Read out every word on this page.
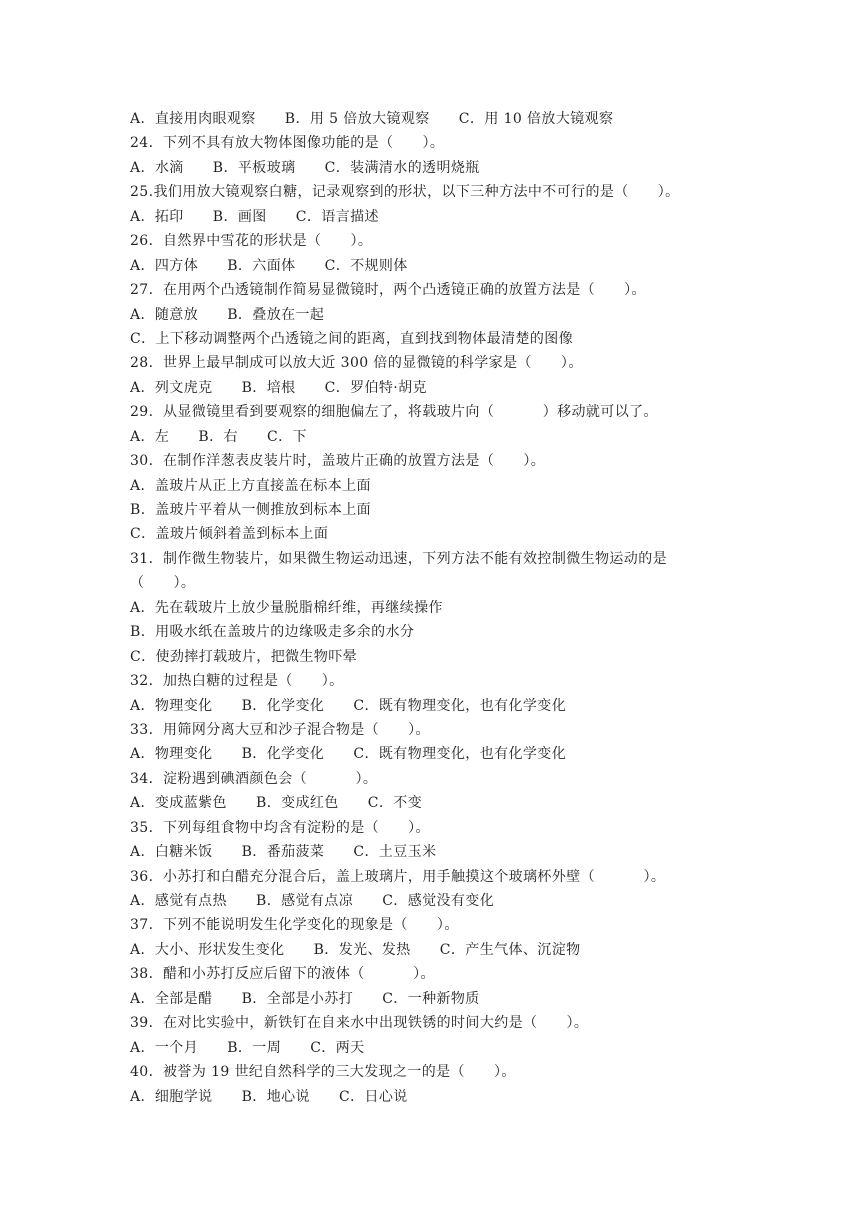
A．直接用肉眼观察      B．用 5 倍放大镜观察      C．用 10 倍放大镜观察
24．下列不具有放大物体图像功能的是（      ）。
A．水滴      B．平板玻璃      C．装满清水的透明烧瓶
25.我们用放大镜观察白糖，记录观察到的形状，以下三种方法中不可行的是（      ）。
A．拓印      B．画图      C．语言描述
26．自然界中雪花的形状是（      ）。
A．四方体      B．六面体      C．不规则体
27．在用两个凸透镜制作简易显微镜时，两个凸透镜正确的放置方法是（      ）。
A．随意放      B．叠放在一起
C．上下移动调整两个凸透镜之间的距离，直到找到物体最清楚的图像
28．世界上最早制成可以放大近 300 倍的显微镜的科学家是（      ）。
A．列文虎克      B．培根      C．罗伯特·胡克
29．从显微镜里看到要观察的细胞偏左了，将载玻片向（          ）移动就可以了。
A．左      B．右      C．下
30．在制作洋葱表皮装片时，盖玻片正确的放置方法是（      ）。
A．盖玻片从正上方直接盖在标本上面
B．盖玻片平着从一侧推放到标本上面
C．盖玻片倾斜着盖到标本上面
31．制作微生物装片，如果微生物运动迅速，下列方法不能有效控制微生物运动的是
（      ）。
A．先在载玻片上放少量脱脂棉纤维，再继续操作
B．用吸水纸在盖玻片的边缘吸走多余的水分
C．使劲摔打载玻片，把微生物吓晕
32．加热白糖的过程是（      ）。
A．物理变化      B．化学变化      C．既有物理变化，也有化学变化
33．用筛网分离大豆和沙子混合物是（      ）。
A．物理变化      B．化学变化      C．既有物理变化，也有化学变化
34．淀粉遇到碘酒颜色会（          ）。
A．变成蓝紫色      B．变成红色      C．不变
35．下列每组食物中均含有淀粉的是（      ）。
A．白糖米饭      B．番茄菠菜      C．土豆玉米
36．小苏打和白醋充分混合后，盖上玻璃片，用手触摸这个玻璃杯外壁（          ）。
A．感觉有点热      B．感觉有点凉      C．感觉没有变化
37．下列不能说明发生化学变化的现象是（      ）。
A．大小、形状发生变化      B．发光、发热      C．产生气体、沉淀物
38．醋和小苏打反应后留下的液体（          ）。
A．全部是醋      B．全部是小苏打      C．一种新物质
39．在对比实验中，新铁钉在自来水中出现铁锈的时间大约是（      ）。
A．一个月      B．一周      C．两天
40．被誉为 19 世纪自然科学的三大发现之一的是（      ）。
A．细胞学说      B．地心说      C．日心说
